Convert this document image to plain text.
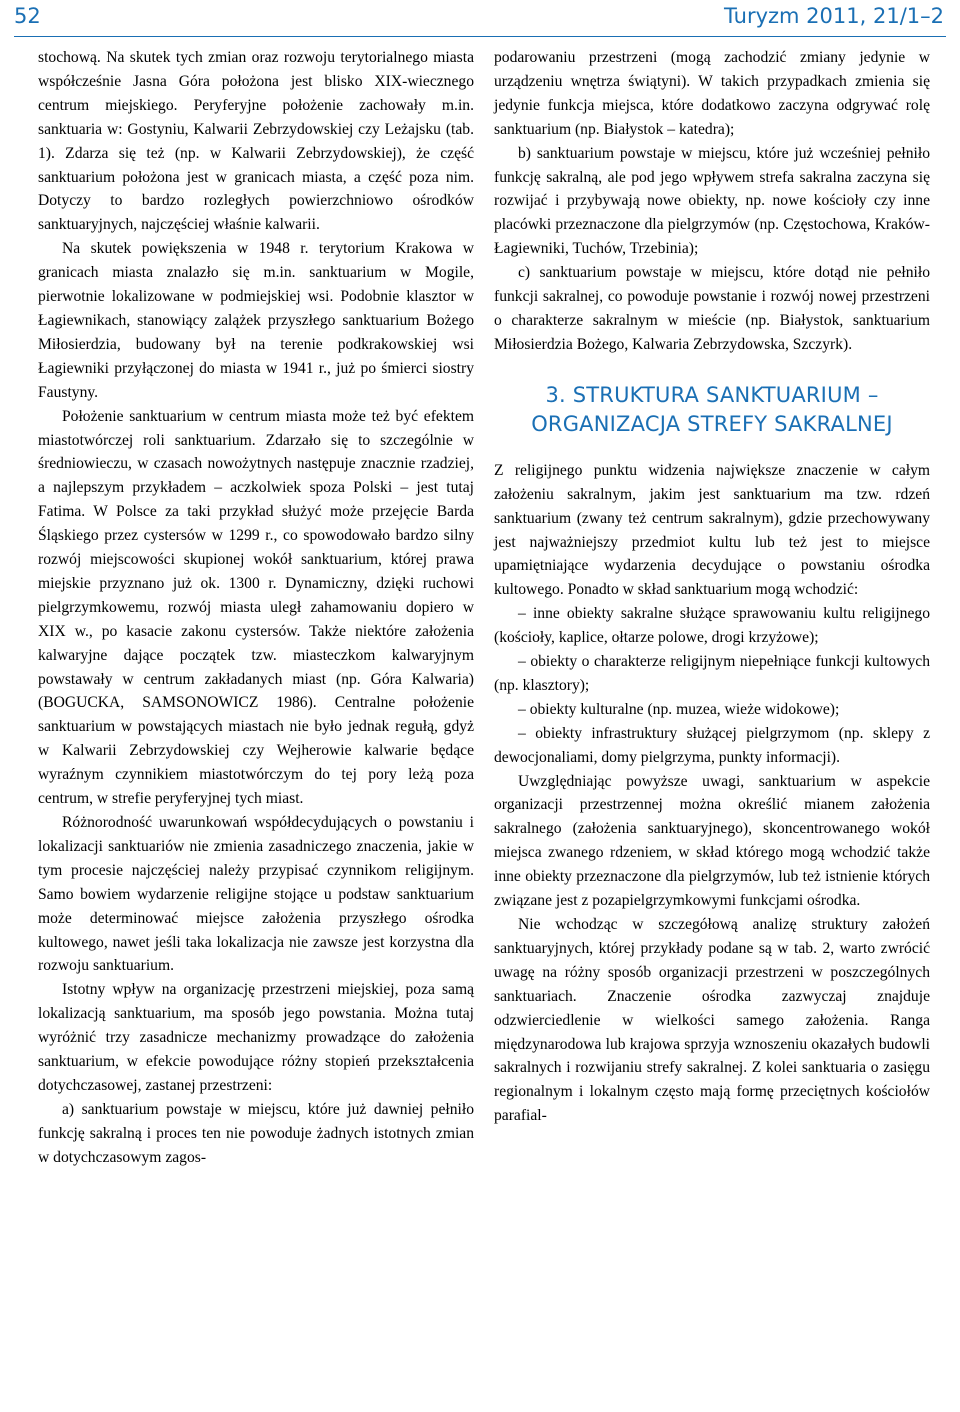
52	Turyzm 2011, 21/1–2

stochową. Na skutek tych zmian oraz rozwoju terytorialnego miasta współcześnie Jasna Góra położona jest blisko XIX-wiecznego centrum miejskiego. Peryferyjne położenie zachowały m.in. sanktuaria w: Gostyniu, Kalwarii Zebrzydowskiej czy Leżajsku (tab. 1). Zdarza się też (np. w Kalwarii Zebrzydowskiej), że część sanktuarium położona jest w granicach miasta, a część poza nim. Dotyczy to bardzo rozległych powierzchniowo ośrodków sanktuaryjnych, najczęściej właśnie kalwarii.

Na skutek powiększenia w 1948 r. terytorium Krakowa w granicach miasta znalazło się m.in. sanktuarium w Mogile, pierwotnie lokalizowane w podmiejskiej wsi. Podobnie klasztor w Łagiewnikach, stanowiący zalążek przyszłego sanktuarium Bożego Miłosierdzia, budowany był na terenie podkrakowskiej wsi Łagiewniki przyłączonej do miasta w 1941 r., już po śmierci siostry Faustyny.

Położenie sanktuarium w centrum miasta może też być efektem miastotwórczej roli sanktuarium. Zdarzało się to szczególnie w średniowieczu, w czasach nowożytnych następuje znacznie rzadziej, a najlepszym przykładem – aczkolwiek spoza Polski – jest tutaj Fatima. W Polsce za taki przykład służyć może przejęcie Barda Śląskiego przez cystersów w 1299 r., co spowodowało bardzo silny rozwój miejscowości skupionej wokół sanktuarium, której prawa miejskie przyznano już ok. 1300 r. Dynamiczny, dzięki ruchowi pielgrzymkowemu, rozwój miasta uległ zahamowaniu dopiero w XIX w., po kasacie zakonu cystersów. Także niektóre założenia kalwaryjne dające początek tzw. miasteczkom kalwaryjnym powstawały w centrum zakładanych miast (np. Góra Kalwaria) (BOGUCKA, SAMSONOWICZ 1986). Centralne położenie sanktuarium w powstających miastach nie było jednak regułą, gdyż w Kalwarii Zebrzydowskiej czy Wejherowie kalwarie będące wyraźnym czynnikiem miastotwórczym do tej pory leżą poza centrum, w strefie peryferyjnej tych miast.

Różnorodność uwarunkowań współdecydujących o powstaniu i lokalizacji sanktuariów nie zmienia zasadniczego znaczenia, jakie w tym procesie najczęściej należy przypisać czynnikom religijnym. Samo bowiem wydarzenie religijne stojące u podstaw sanktuarium może determinować miejsce założenia przyszłego ośrodka kultowego, nawet jeśli taka lokalizacja nie zawsze jest korzystna dla rozwoju sanktuarium.

Istotny wpływ na organizację przestrzeni miejskiej, poza samą lokalizacją sanktuarium, ma sposób jego powstania. Można tutaj wyróżnić trzy zasadnicze mechanizmy prowadzące do założenia sanktuarium, w efekcie powodujące różny stopień przekształcenia dotychczasowej, zastanej przestrzeni:

a) sanktuarium powstaje w miejscu, które już dawniej pełniło funkcję sakralną i proces ten nie powoduje żadnych istotnych zmian w dotychczasowym zagos-

podarowaniu przestrzeni (mogą zachodzić zmiany jedynie w urządzeniu wnętrza świątyni). W takich przypadkach zmienia się jedynie funkcja miejsca, które dodatkowo zaczyna odgrywać rolę sanktuarium (np. Białystok – katedra);

b) sanktuarium powstaje w miejscu, które już wcześniej pełniło funkcję sakralną, ale pod jego wpływem strefa sakralna zaczyna się rozwijać i przybywają nowe obiekty, np. nowe kościoły czy inne placówki przeznaczone dla pielgrzymów (np. Częstochowa, Kraków-Łagiewniki, Tuchów, Trzebinia);

c) sanktuarium powstaje w miejscu, które dotąd nie pełniło funkcji sakralnej, co powoduje powstanie i rozwój nowej przestrzeni o charakterze sakralnym w mieście (np. Białystok, sanktuarium Miłosierdzia Bożego, Kalwaria Zebrzydowska, Szczyrk).

3. STRUKTURA SANKTUARIUM –
ORGANIZACJA STREFY SAKRALNEJ

Z religijnego punktu widzenia największe znaczenie w całym założeniu sakralnym, jakim jest sanktuarium ma tzw. rdzeń sanktuarium (zwany też centrum sakralnym), gdzie przechowywany jest najważniejszy przedmiot kultu lub też jest to miejsce upamiętniające wydarzenia decydujące o powstaniu ośrodka kultowego. Ponadto w skład sanktuarium mogą wchodzić:

– inne obiekty sakralne służące sprawowaniu kultu religijnego (kościoły, kaplice, ołtarze polowe, drogi krzyżowe);

– obiekty o charakterze religijnym niepełniące funkcji kultowych (np. klasztory);

– obiekty kulturalne (np. muzea, wieże widokowe);

– obiekty infrastruktury służącej pielgrzymom (np. sklepy z dewocjonaliami, domy pielgrzyma, punkty informacji).

Uwzględniając powyższe uwagi, sanktuarium w aspekcie organizacji przestrzennej można określić mianem założenia sakralnego (założenia sanktuaryjnego), skoncentrowanego wokół miejsca zwanego rdzeniem, w skład którego mogą wchodzić także inne obiekty przeznaczone dla pielgrzymów, lub też istnienie których związane jest z pozapielgrzymkowymi funkcjami ośrodka.

Nie wchodząc w szczegółową analizę struktury założeń sanktuaryjnych, której przykłady podane są w tab. 2, warto zwrócić uwagę na różny sposób organizacji przestrzeni w poszczególnych sanktuariach. Znaczenie ośrodka zazwyczaj znajduje odzwierciedlenie w wielkości samego założenia. Ranga międzynarodowa lub krajowa sprzyja wznoszeniu okazałych budowli sakralnych i rozwijaniu strefy sakralnej. Z kolei sanktuaria o zasięgu regionalnym i lokalnym często mają formę przeciętnych kościołów parafial-
